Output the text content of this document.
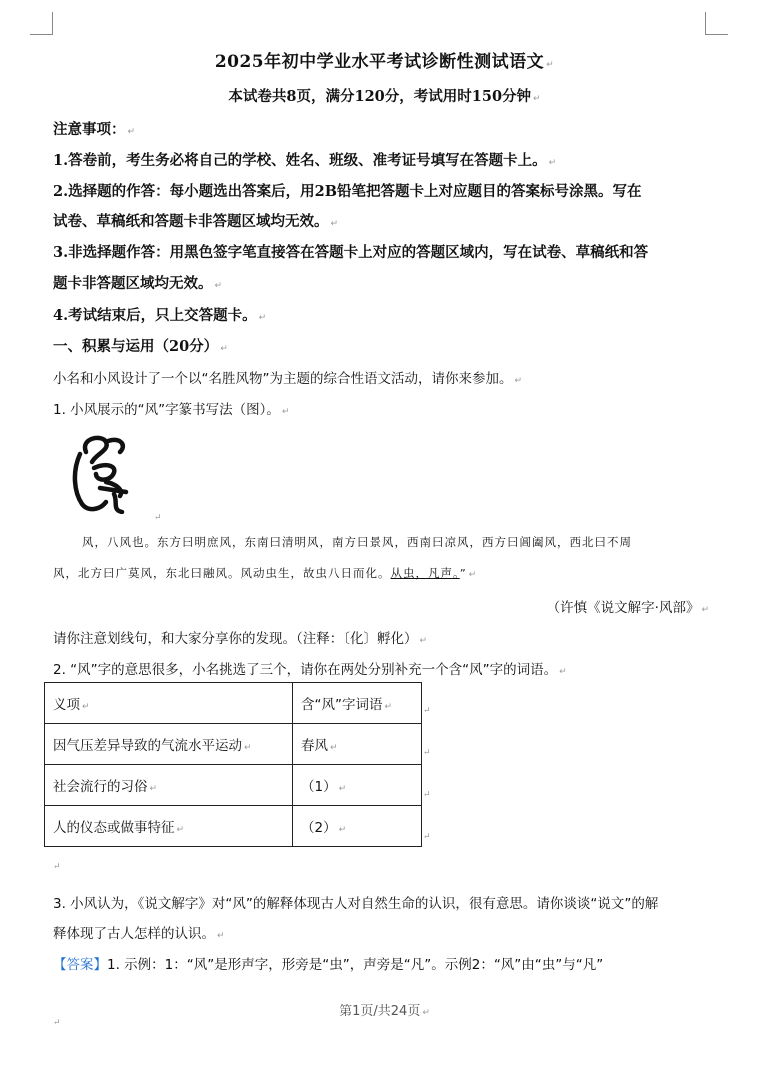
2025年初中学业水平考试诊断性测试语文 ↵
本试卷共8页，满分120分，考试用时150分钟 ↵
注意事项： ↵
1.答卷前，考生务必将自己的学校、姓名、班级、准考证号填写在答题卡上。 ↵
2.选择题的作答：每小题选出答案后，用2B铅笔把答题卡上对应题目的答案标号涂黑。写在
试卷、草稿纸和答题卡非答题区域均无效。 ↵
3.非选择题作答：用黑色签字笔直接答在答题卡上对应的答题区域内，写在试卷、草稿纸和答
题卡非答题区域均无效。 ↵
4.考试结束后，只上交答题卡。 ↵
一、积累与运用（20分） ↵
小名和小风设计了一个以“名胜风物”为主题的综合性语文活动，请你来参加。 ↵
1. 小风展示的“风”字篆书写法（图）。 ↵
↵
风，八风也。东方曰明庶风，东南曰清明风，南方曰景风，西南曰凉风，西方曰阊阖风，西北曰不周
风，北方曰广莫风，东北曰融风。风动虫生，故虫八日而化。从虫，凡声。” ↵
（许慎《说文解字·风部》 ↵
请你注意划线句，和大家分享你的发现。（注释：〔化〕孵化） ↵
2. “风”字的意思很多，小名挑选了三个，请你在两处分别补充一个含“风”字的词语。 ↵
义项 ↵	含“风”字词语 ↵
因气压差异导致的气流水平运动 ↵	春风 ↵
社会流行的习俗 ↵	（1） ↵
人的仪态或做事特征 ↵	（2） ↵
↵
↵
↵
↵
↵
3. 小风认为，《说文解字》对“风”的解释体现古人对自然生命的认识，很有意思。请你谈谈“说文”的解
释体现了古人怎样的认识。 ↵
【答案】1. 示例：1：“风”是形声字，形旁是“虫”，声旁是“凡”。示例2：“风”由“虫”与“凡”
第1页/共24页 ↵
↵
